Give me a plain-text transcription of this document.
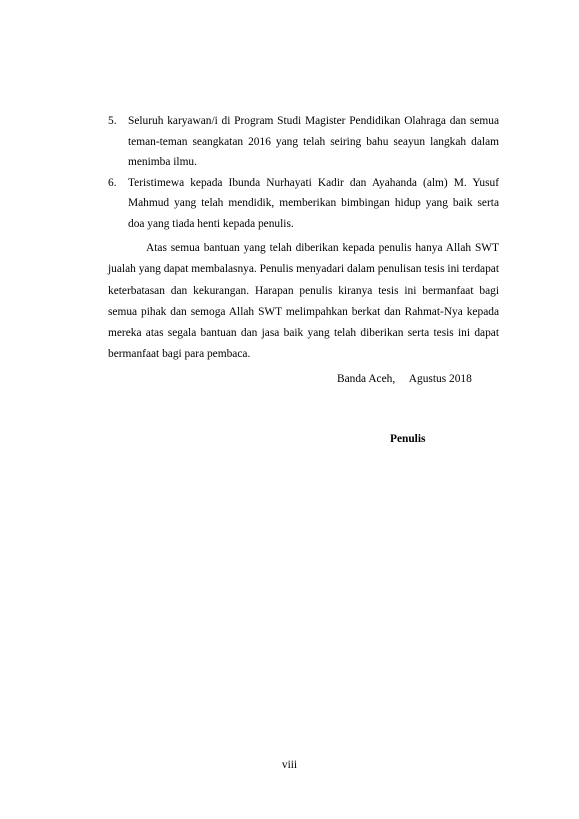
5. Seluruh karyawan/i di Program Studi Magister Pendidikan Olahraga dan semua teman-teman seangkatan 2016 yang telah seiring bahu seayun langkah dalam menimba ilmu.
6. Teristimewa kepada Ibunda Nurhayati Kadir dan Ayahanda (alm) M. Yusuf Mahmud yang telah mendidik, memberikan bimbingan hidup yang baik serta doa yang tiada henti kepada penulis.

Atas semua bantuan yang telah diberikan kepada penulis hanya Allah SWT jualah yang dapat membalasnya. Penulis menyadari dalam penulisan tesis ini terdapat keterbatasan dan kekurangan. Harapan penulis kiranya tesis ini bermanfaat bagi semua pihak dan semoga Allah SWT melimpahkan berkat dan Rahmat-Nya kepada mereka atas segala bantuan dan jasa baik yang telah diberikan serta tesis ini dapat bermanfaat bagi para pembaca.

Banda Aceh,     Agustus 2018
Penulis
viii
